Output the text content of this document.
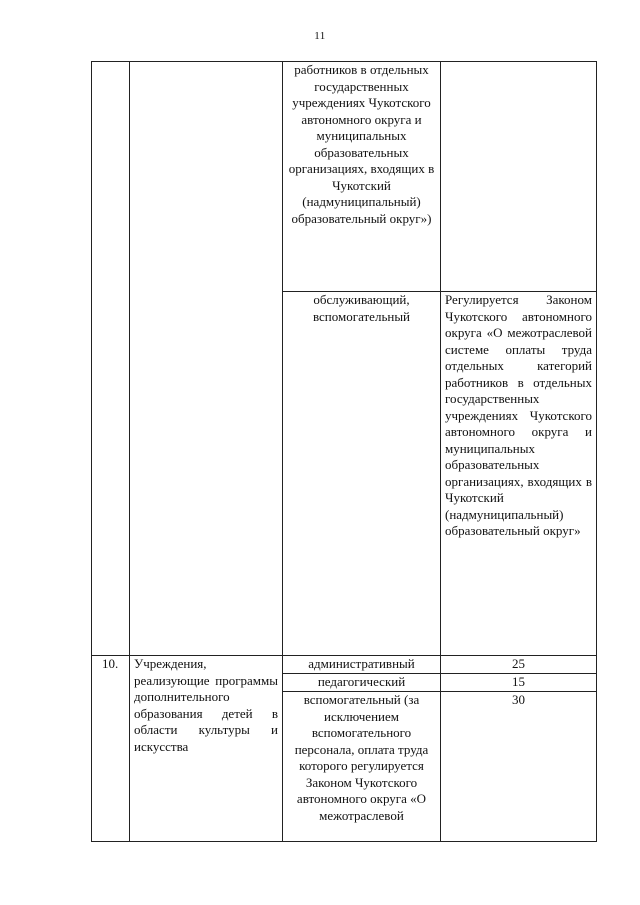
11
		работников в отдельных государственных учреждениях Чукотского автономного округа и муниципальных образовательных организациях, входящих в Чукотский (надмуниципальный) образовательный округ»)	
		обслуживающий, вспомогательный	Регулируется Законом Чукотского автономного округа «О межотраслевой системе оплаты труда отдельных категорий работников в отдельных государственных учреждениях Чукотского автономного округа и муниципальных образовательных организациях, входящих в Чукотский (надмуниципальный) образовательный округ»
10.	Учреждения, реализующие программы дополнительного образования детей в области культуры и искусства	административный	25
		педагогический	15
		вспомогательный (за исключением вспомогательного персонала, оплата труда которого регулируется Законом Чукотского автономного округа «О межотраслевой	30
